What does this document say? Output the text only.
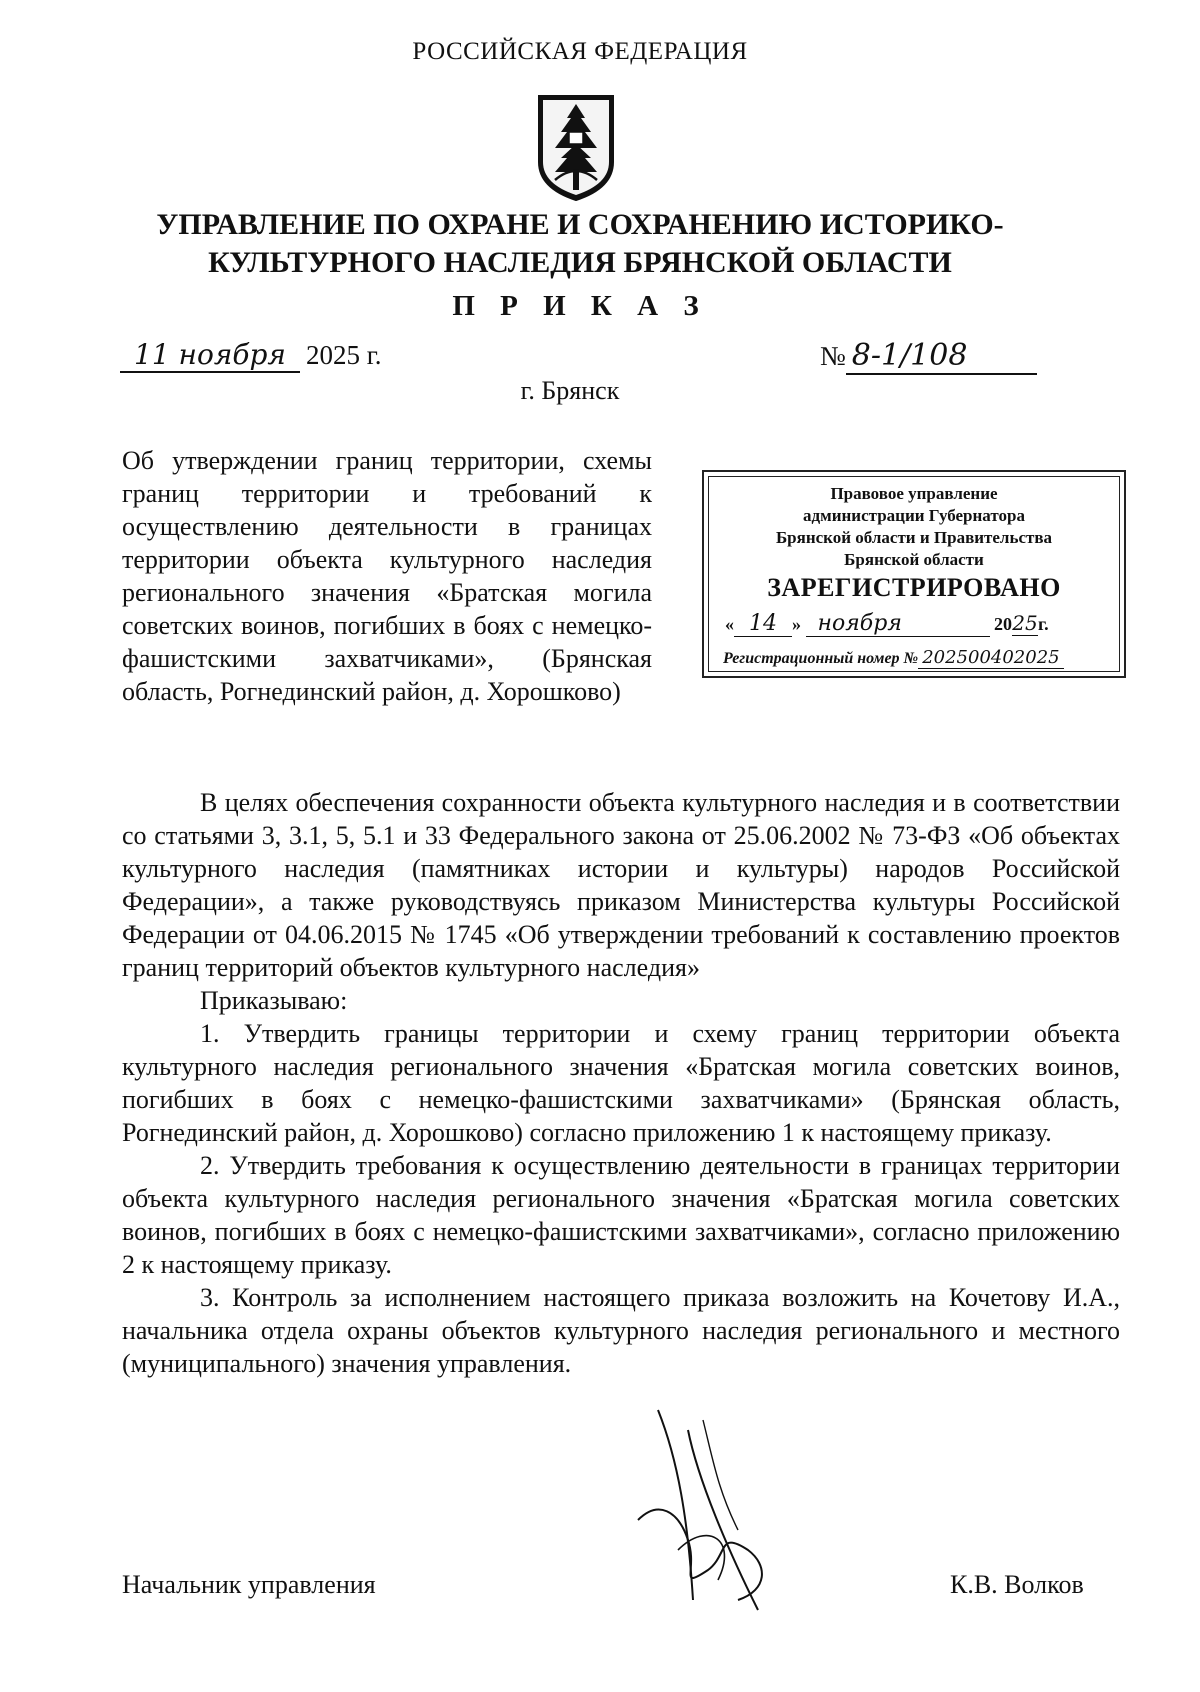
РОССИЙСКАЯ ФЕДЕРАЦИЯ
УПРАВЛЕНИЕ ПО ОХРАНЕ И СОХРАНЕНИЮ ИСТОРИКО-
КУЛЬТУРНОГО НАСЛЕДИЯ БРЯНСКОЙ ОБЛАСТИ
П Р И К А З
11 ноября 2025 г.	№ 8-1/108
г. Брянск
Об утверждении границ территории, схемы границ территории и требований к осуществлению деятельности в границах территории объекта культурного наследия регионального значения «Братская могила советских воинов, погибших в боях с немецко-фашистскими захватчиками», (Брянская область, Рогнединский район, д. Хорошково)
Правовое управление
администрации Губернатора
Брянской области и Правительства
Брянской области
ЗАРЕГИСТРИРОВАНО
« 14 » ноября	2025г.
Регистрационный номер № 202500402025

В целях обеспечения сохранности объекта культурного наследия и в соответствии со статьями 3, 3.1, 5, 5.1 и 33 Федерального закона от 25.06.2002 № 73-ФЗ «Об объектах культурного наследия (памятниках истории и культуры) народов Российской Федерации», а также руководствуясь приказом Министерства культуры Российской Федерации от 04.06.2015 № 1745 «Об утверждении требований к составлению проектов границ территорий объектов культурного наследия»

Приказываю:

1. Утвердить границы территории и схему границ территории объекта культурного наследия регионального значения «Братская могила советских воинов, погибших в боях с немецко-фашистскими захватчиками» (Брянская область, Рогнединский район, д. Хорошково) согласно приложению 1 к настоящему приказу.

2. Утвердить требования к осуществлению деятельности в границах территории объекта культурного наследия регионального значения «Братская могила советских воинов, погибших в боях с немецко-фашистскими захватчиками», согласно приложению 2 к настоящему приказу.

3. Контроль за исполнением настоящего приказа возложить на Кочетову И.А., начальника отдела охраны объектов культурного наследия регионального и местного (муниципального) значения управления.

Начальник управления	К.В. Волков
